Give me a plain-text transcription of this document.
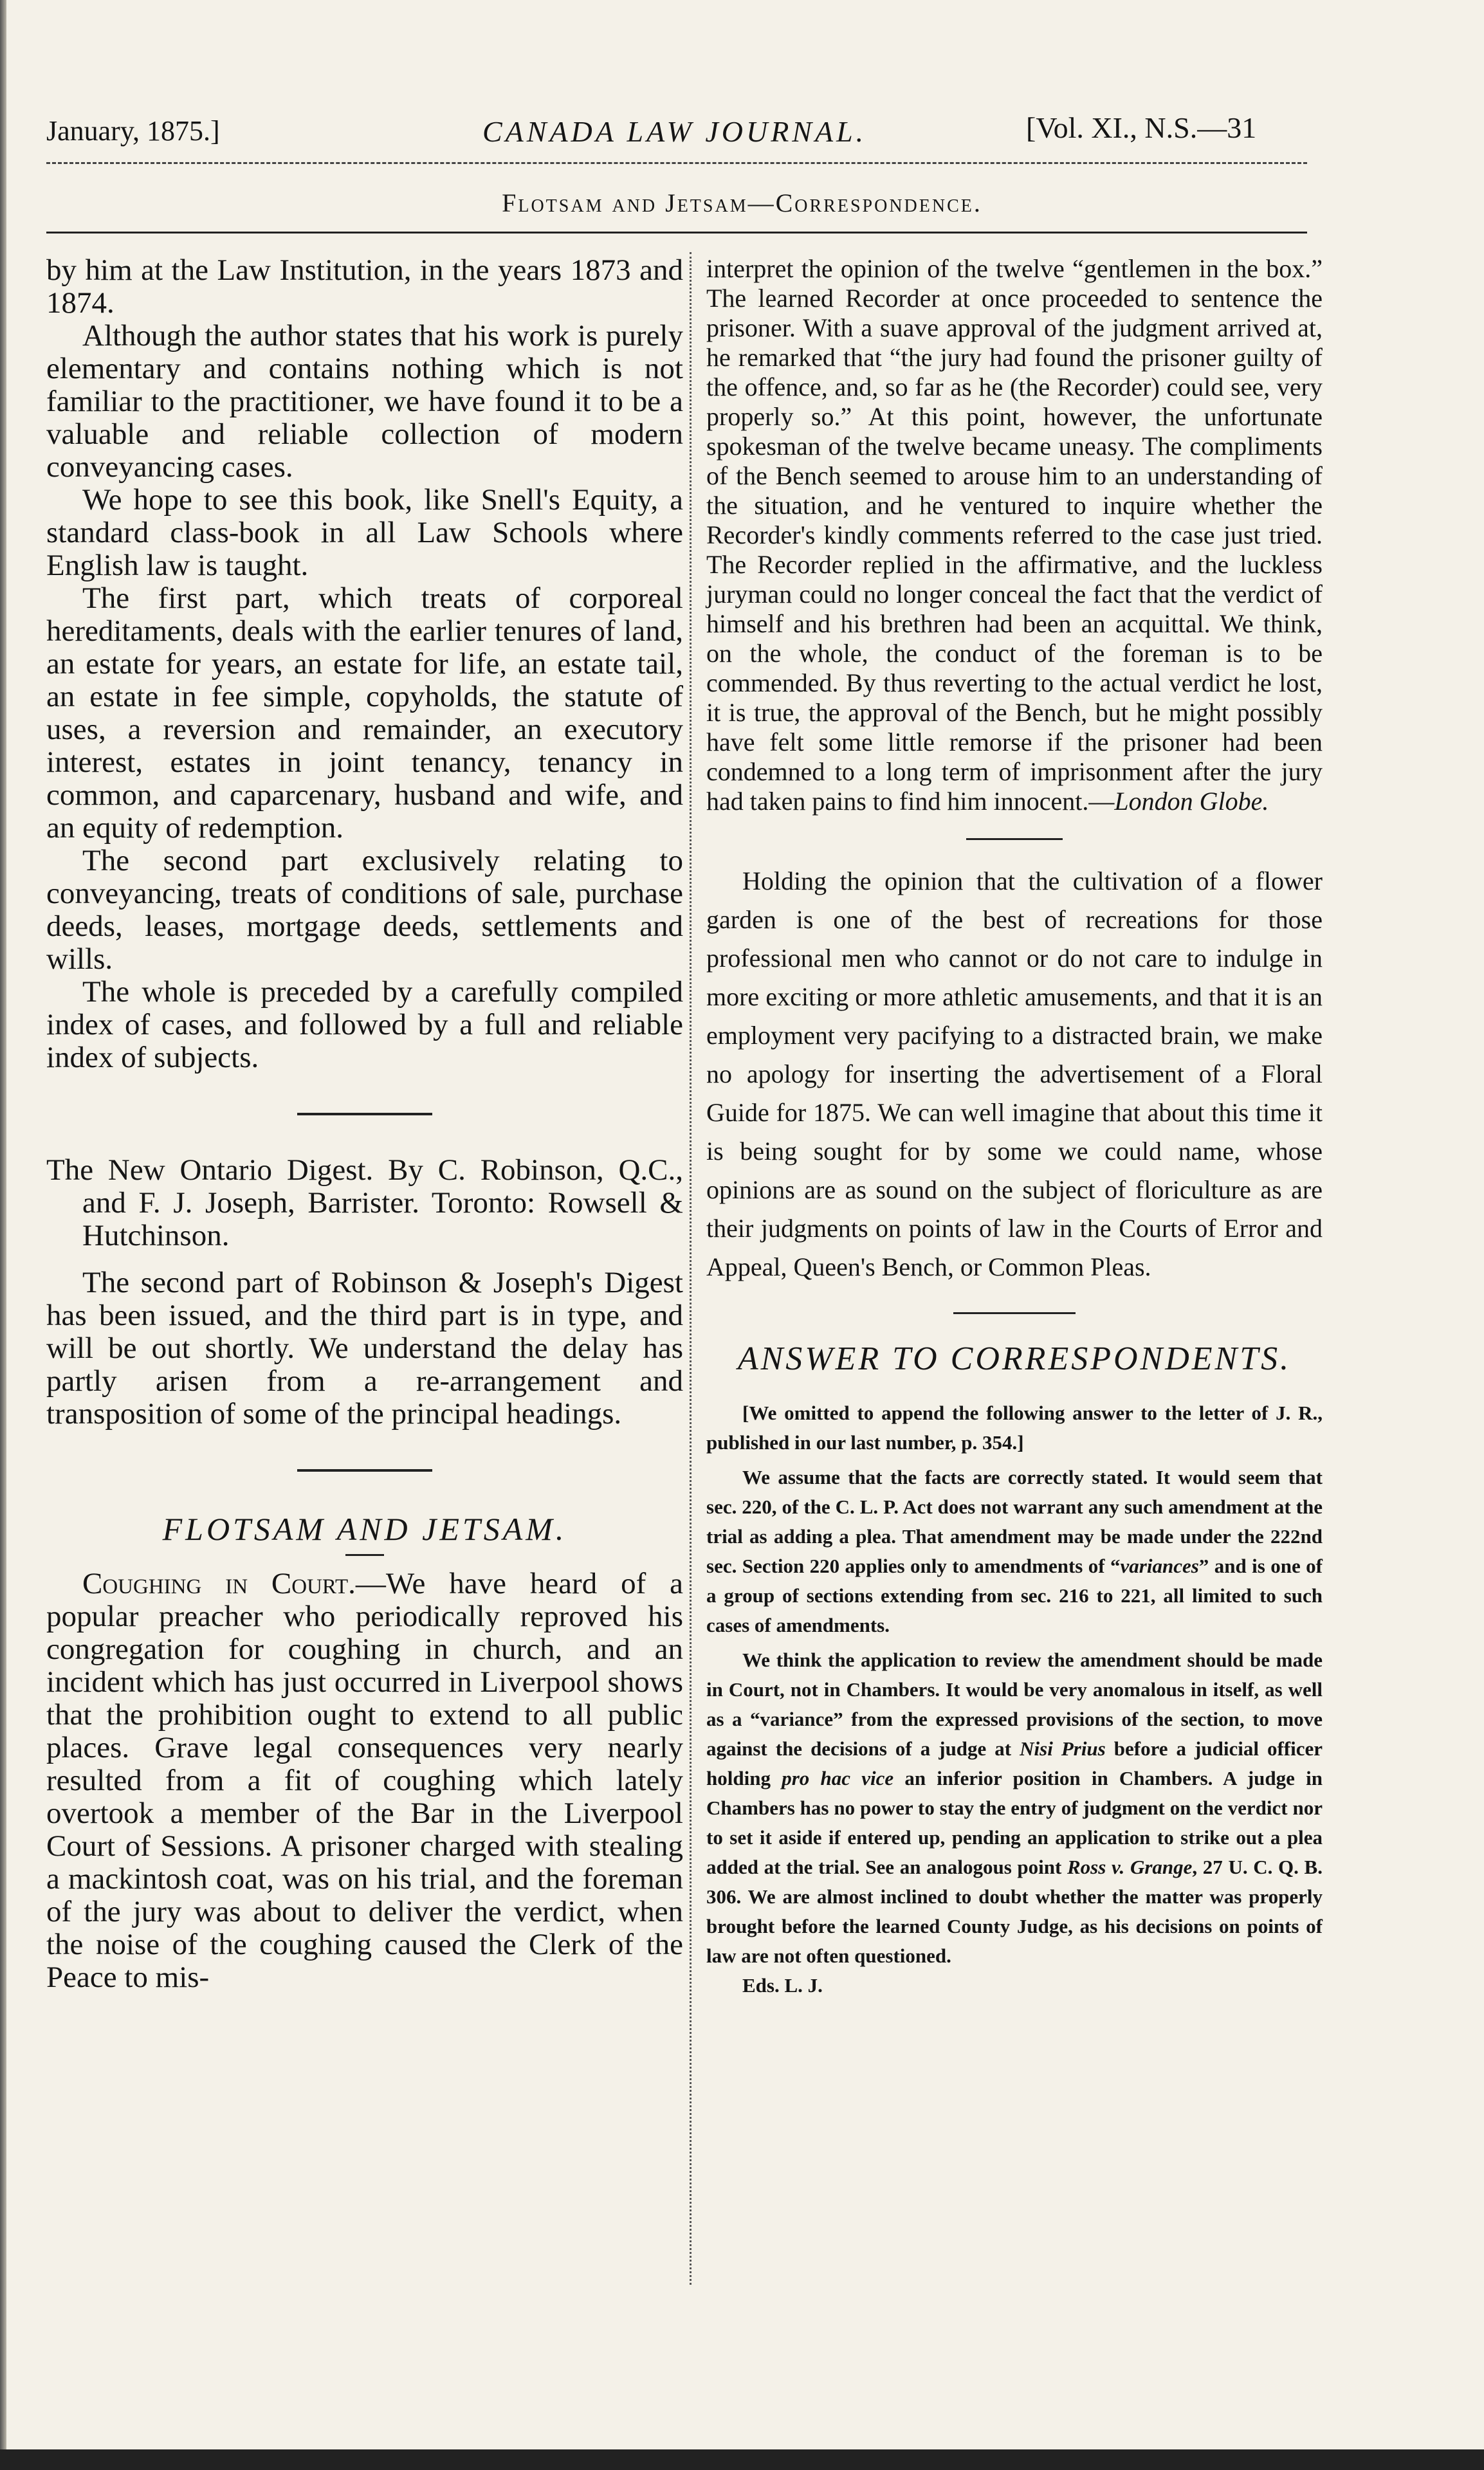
January, 1875.]	CANADA LAW JOURNAL.	[Vol. XI., N.S.—31
Flotsam and Jetsam—Correspondence.

by him at the Law Institution, in the years 1873 and 1874.

Although the author states that his work is purely elementary and contains nothing which is not familiar to the practitioner, we have found it to be a valuable and reliable collection of modern conveyancing cases.

We hope to see this book, like Snell's Equity, a standard class-book in all Law Schools where English law is taught.

The first part, which treats of corporeal hereditaments, deals with the earlier tenures of land, an estate for years, an estate for life, an estate tail, an estate in fee simple, copyholds, the statute of uses, a reversion and remainder, an executory interest, estates in joint tenancy, tenancy in common, and caparcenary, husband and wife, and an equity of redemption.

The second part exclusively relating to conveyancing, treats of conditions of sale, purchase deeds, leases, mortgage deeds, settlements and wills.

The whole is preceded by a carefully compiled index of cases, and followed by a full and reliable index of subjects.

The New Ontario Digest. By C. Robinson, Q.C., and F. J. Joseph, Barrister. Toronto: Rowsell & Hutchinson.

The second part of Robinson & Joseph's Digest has been issued, and the third part is in type, and will be out shortly. We understand the delay has partly arisen from a re-arrangement and transposition of some of the principal headings.

FLOTSAM AND JETSAM.

Coughing in Court.—We have heard of a popular preacher who periodically reproved his congregation for coughing in church, and an incident which has just occurred in Liverpool shows that the prohibition ought to extend to all public places. Grave legal consequences very nearly resulted from a fit of coughing which lately overtook a member of the Bar in the Liverpool Court of Sessions. A prisoner charged with stealing a mackintosh coat, was on his trial, and the foreman of the jury was about to deliver the verdict, when the noise of the coughing caused the Clerk of the Peace to mis-

interpret the opinion of the twelve “gentlemen in the box.” The learned Recorder at once proceeded to sentence the prisoner. With a suave approval of the judgment arrived at, he remarked that “the jury had found the prisoner guilty of the offence, and, so far as he (the Recorder) could see, very properly so.” At this point, however, the unfortunate spokesman of the twelve became uneasy. The compliments of the Bench seemed to arouse him to an understanding of the situation, and he ventured to inquire whether the Recorder's kindly comments referred to the case just tried. The Recorder replied in the affirmative, and the luckless juryman could no longer conceal the fact that the verdict of himself and his brethren had been an acquittal. We think, on the whole, the conduct of the foreman is to be commended. By thus reverting to the actual verdict he lost, it is true, the approval of the Bench, but he might possibly have felt some little remorse if the prisoner had been condemned to a long term of imprisonment after the jury had taken pains to find him innocent.—London Globe.

Holding the opinion that the cultivation of a flower garden is one of the best of recreations for those professional men who cannot or do not care to indulge in more exciting or more athletic amusements, and that it is an employment very pacifying to a distracted brain, we make no apology for inserting the advertisement of a Floral Guide for 1875. We can well imagine that about this time it is being sought for by some we could name, whose opinions are as sound on the subject of floriculture as are their judgments on points of law in the Courts of Error and Appeal, Queen's Bench, or Common Pleas.

ANSWER TO CORRESPONDENTS.

[We omitted to append the following answer to the letter of J. R., published in our last number, p. 354.]

We assume that the facts are correctly stated. It would seem that sec. 220, of the C. L. P. Act does not warrant any such amendment at the trial as adding a plea. That amendment may be made under the 222nd sec. Section 220 applies only to amendments of “variances” and is one of a group of sections extending from sec. 216 to 221, all limited to such cases of amendments.

We think the application to review the amendment should be made in Court, not in Chambers. It would be very anomalous in itself, as well as a “variance” from the expressed provisions of the section, to move against the decisions of a judge at Nisi Prius before a judicial officer holding pro hac vice an inferior position in Chambers. A judge in Chambers has no power to stay the entry of judgment on the verdict nor to set it aside if entered up, pending an application to strike out a plea added at the trial. See an analogous point Ross v. Grange, 27 U. C. Q. B. 306. We are almost inclined to doubt whether the matter was properly brought before the learned County Judge, as his decisions on points of law are not often questioned.

Eds. L. J.
